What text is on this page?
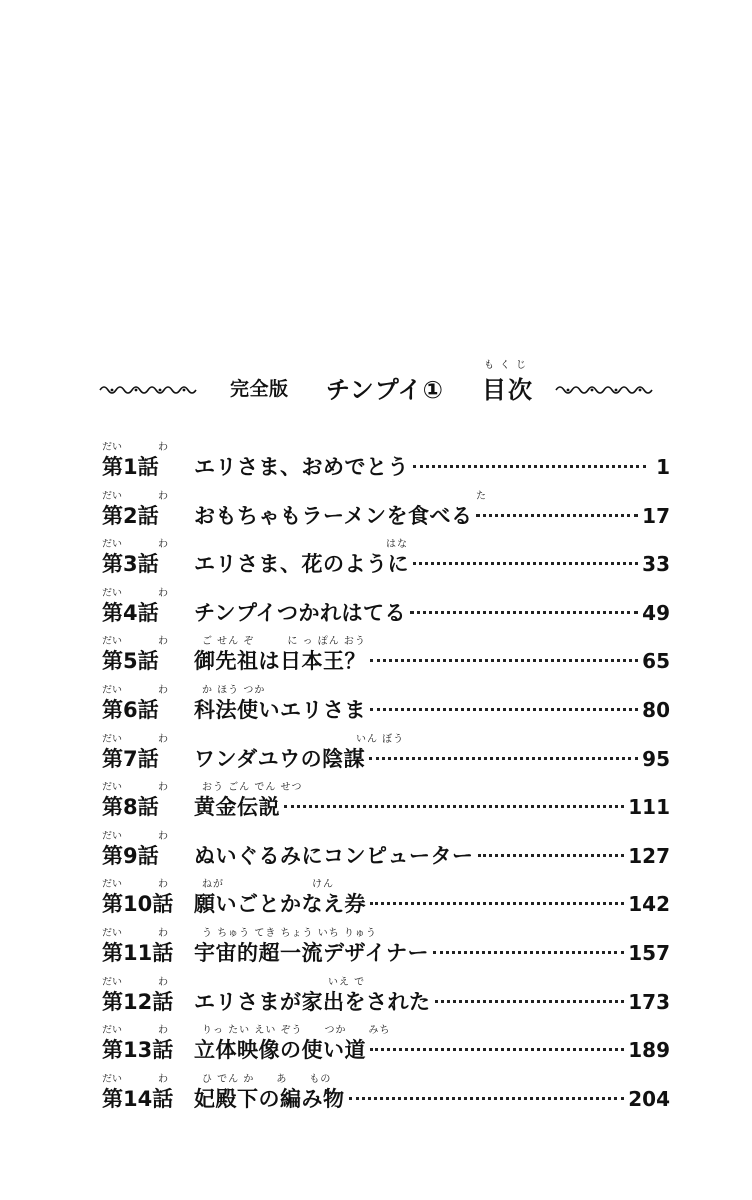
完全版 チンプイ①
もくじ
目次
だい	わ
第1話	エリさま、おめでとう	1
だい	わ	た
第2話	おもちゃもラーメンを食べる	17
だい	わ	はな
第3話	エリさま、花のように	33
だい	わ
第4話	チンプイつかれはてる	49
だい	わ	ご せん ぞ　　　に っ ぽん おう
第5話	御先祖は日本王？	65
だい	わ	か ほう つか
第6話	科法使いエリさま	80
だい	わ	いん ぼう
第7話	ワンダユウの陰謀	95
だい	わ	おう ごん でん せつ
第8話	黄金伝説	111
だい	わ
第9話	ぬいぐるみにコンピューター	127
だい	わ	ねが　　　　　　　　けん
第10話 願いごとかなえ券	142
だい	わ	う ちゅう てき ちょう いち りゅう
第11話 宇宙的超一流デザイナー	157
だい	わ	いえ で
第12話 エリさまが家出をされた	173
だい	わ	りっ たい えい ぞう　　つか　　みち
第13話 立体映像の使い道	189
だい	わ	ひ でん か　　あ　　もの
第14話 妃殿下の編み物	204
